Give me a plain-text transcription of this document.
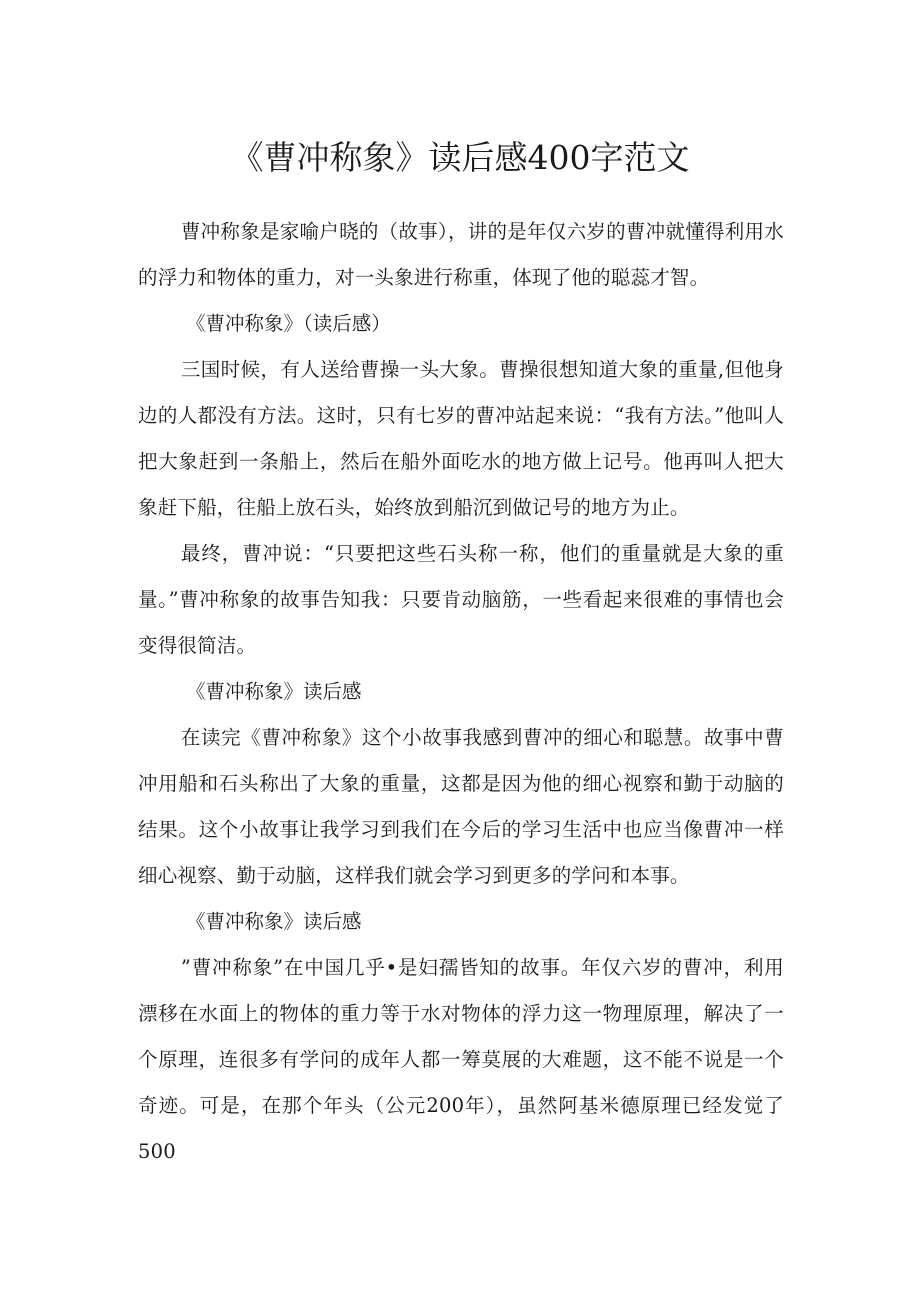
《曹冲称象》读后感400字范文

曹冲称象是家喻户晓的（故事），讲的是年仅六岁的曹冲就懂得利用水的浮力和物体的重力，对一头象进行称重，体现了他的聪蕊才智。

《曹冲称象》（读后感）

三国时候，有人送给曹操一头大象。曹操很想知道大象的重量,但他身边的人都没有方法。这时，只有七岁的曹冲站起来说：“我有方法。”他叫人把大象赶到一条船上，然后在船外面吃水的地方做上记号。他再叫人把大象赶下船，往船上放石头，始终放到船沉到做记号的地方为止。

最终，曹冲说：“只要把这些石头称一称，他们的重量就是大象的重量。”曹冲称象的故事告知我：只要肯动脑筋，一些看起来很难的事情也会变得很简洁。

《曹冲称象》读后感

在读完《曹冲称象》这个小故事我感到曹冲的细心和聪慧。故事中曹冲用船和石头称出了大象的重量，这都是因为他的细心视察和勤于动脑的结果。这个小故事让我学习到我们在今后的学习生活中也应当像曹冲一样细心视察、勤于动脑，这样我们就会学习到更多的学问和本事。

《曹冲称象》读后感

”曹冲称象”在中国几乎•是妇孺皆知的故事。年仅六岁的曹冲，利用漂移在水面上的物体的重力等于水对物体的浮力这一物理原理，解决了一个原理，连很多有学问的成年人都一筹莫展的大难题，这不能不说是一个奇迹。可是，在那个年头（公元200年），虽然阿基米德原理已经发觉了500
